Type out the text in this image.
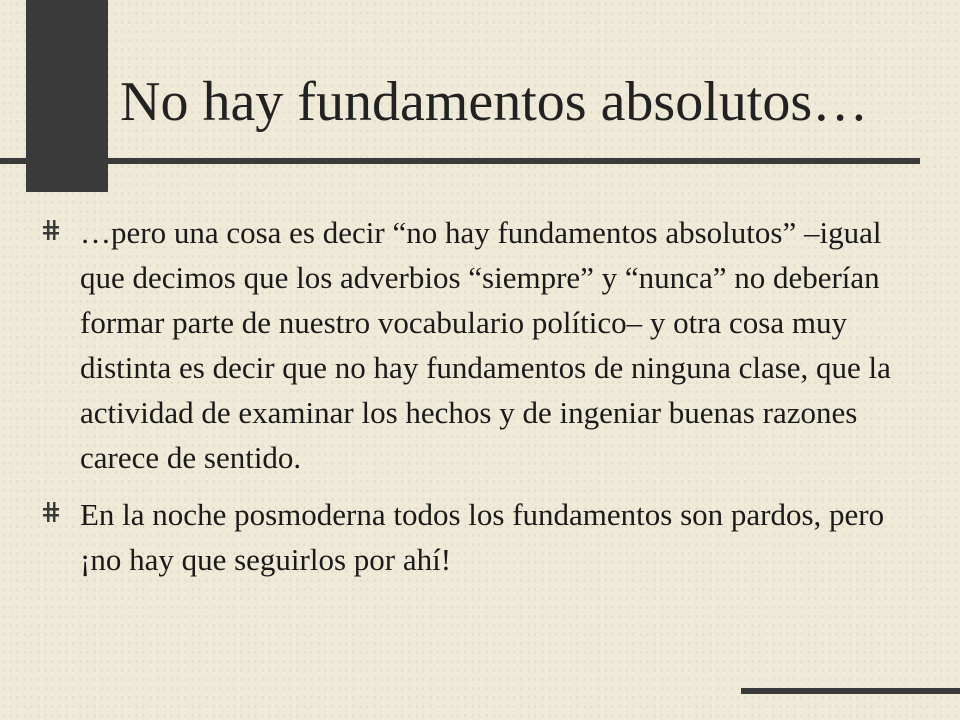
No hay fundamentos absolutos…
…pero una cosa es decir “no hay fundamentos absolutos” –igual que decimos que los adverbios “siempre” y “nunca” no deberían formar parte de nuestro vocabulario político– y otra cosa muy distinta es decir que no hay fundamentos de ninguna clase, que la actividad de examinar los hechos y de ingeniar buenas razones carece de sentido.
En la noche posmoderna todos los fundamentos son pardos, pero ¡no hay que seguirlos por ahí!
